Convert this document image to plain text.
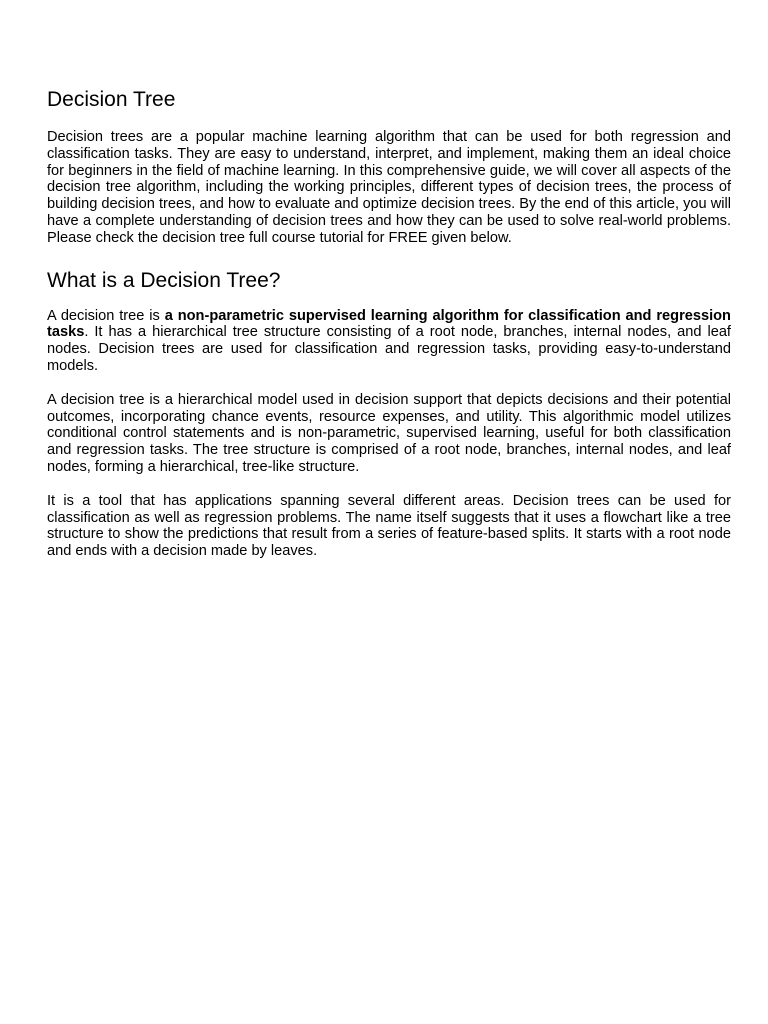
Decision Tree

Decision trees are a popular machine learning algorithm that can be used for both regression and classification tasks. They are easy to understand, interpret, and implement, making them an ideal choice for beginners in the field of machine learning. In this comprehensive guide, we will cover all aspects of the decision tree algorithm, including the working principles, different types of decision trees, the process of building decision trees, and how to evaluate and optimize decision trees. By the end of this article, you will have a complete understanding of decision trees and how they can be used to solve real-world problems. Please check the decision tree full course tutorial for FREE given below.

What is a Decision Tree?

A decision tree is a non-parametric supervised learning algorithm for classification and regression tasks. It has a hierarchical tree structure consisting of a root node, branches, internal nodes, and leaf nodes. Decision trees are used for classification and regression tasks, providing easy-to-understand models.

A decision tree is a hierarchical model used in decision support that depicts decisions and their potential outcomes, incorporating chance events, resource expenses, and utility. This algorithmic model utilizes conditional control statements and is non-parametric, supervised learning, useful for both classification and regression tasks. The tree structure is comprised of a root node, branches, internal nodes, and leaf nodes, forming a hierarchical, tree-like structure.

It is a tool that has applications spanning several different areas. Decision trees can be used for classification as well as regression problems. The name itself suggests that it uses a flowchart like a tree structure to show the predictions that result from a series of feature-based splits. It starts with a root node and ends with a decision made by leaves.
